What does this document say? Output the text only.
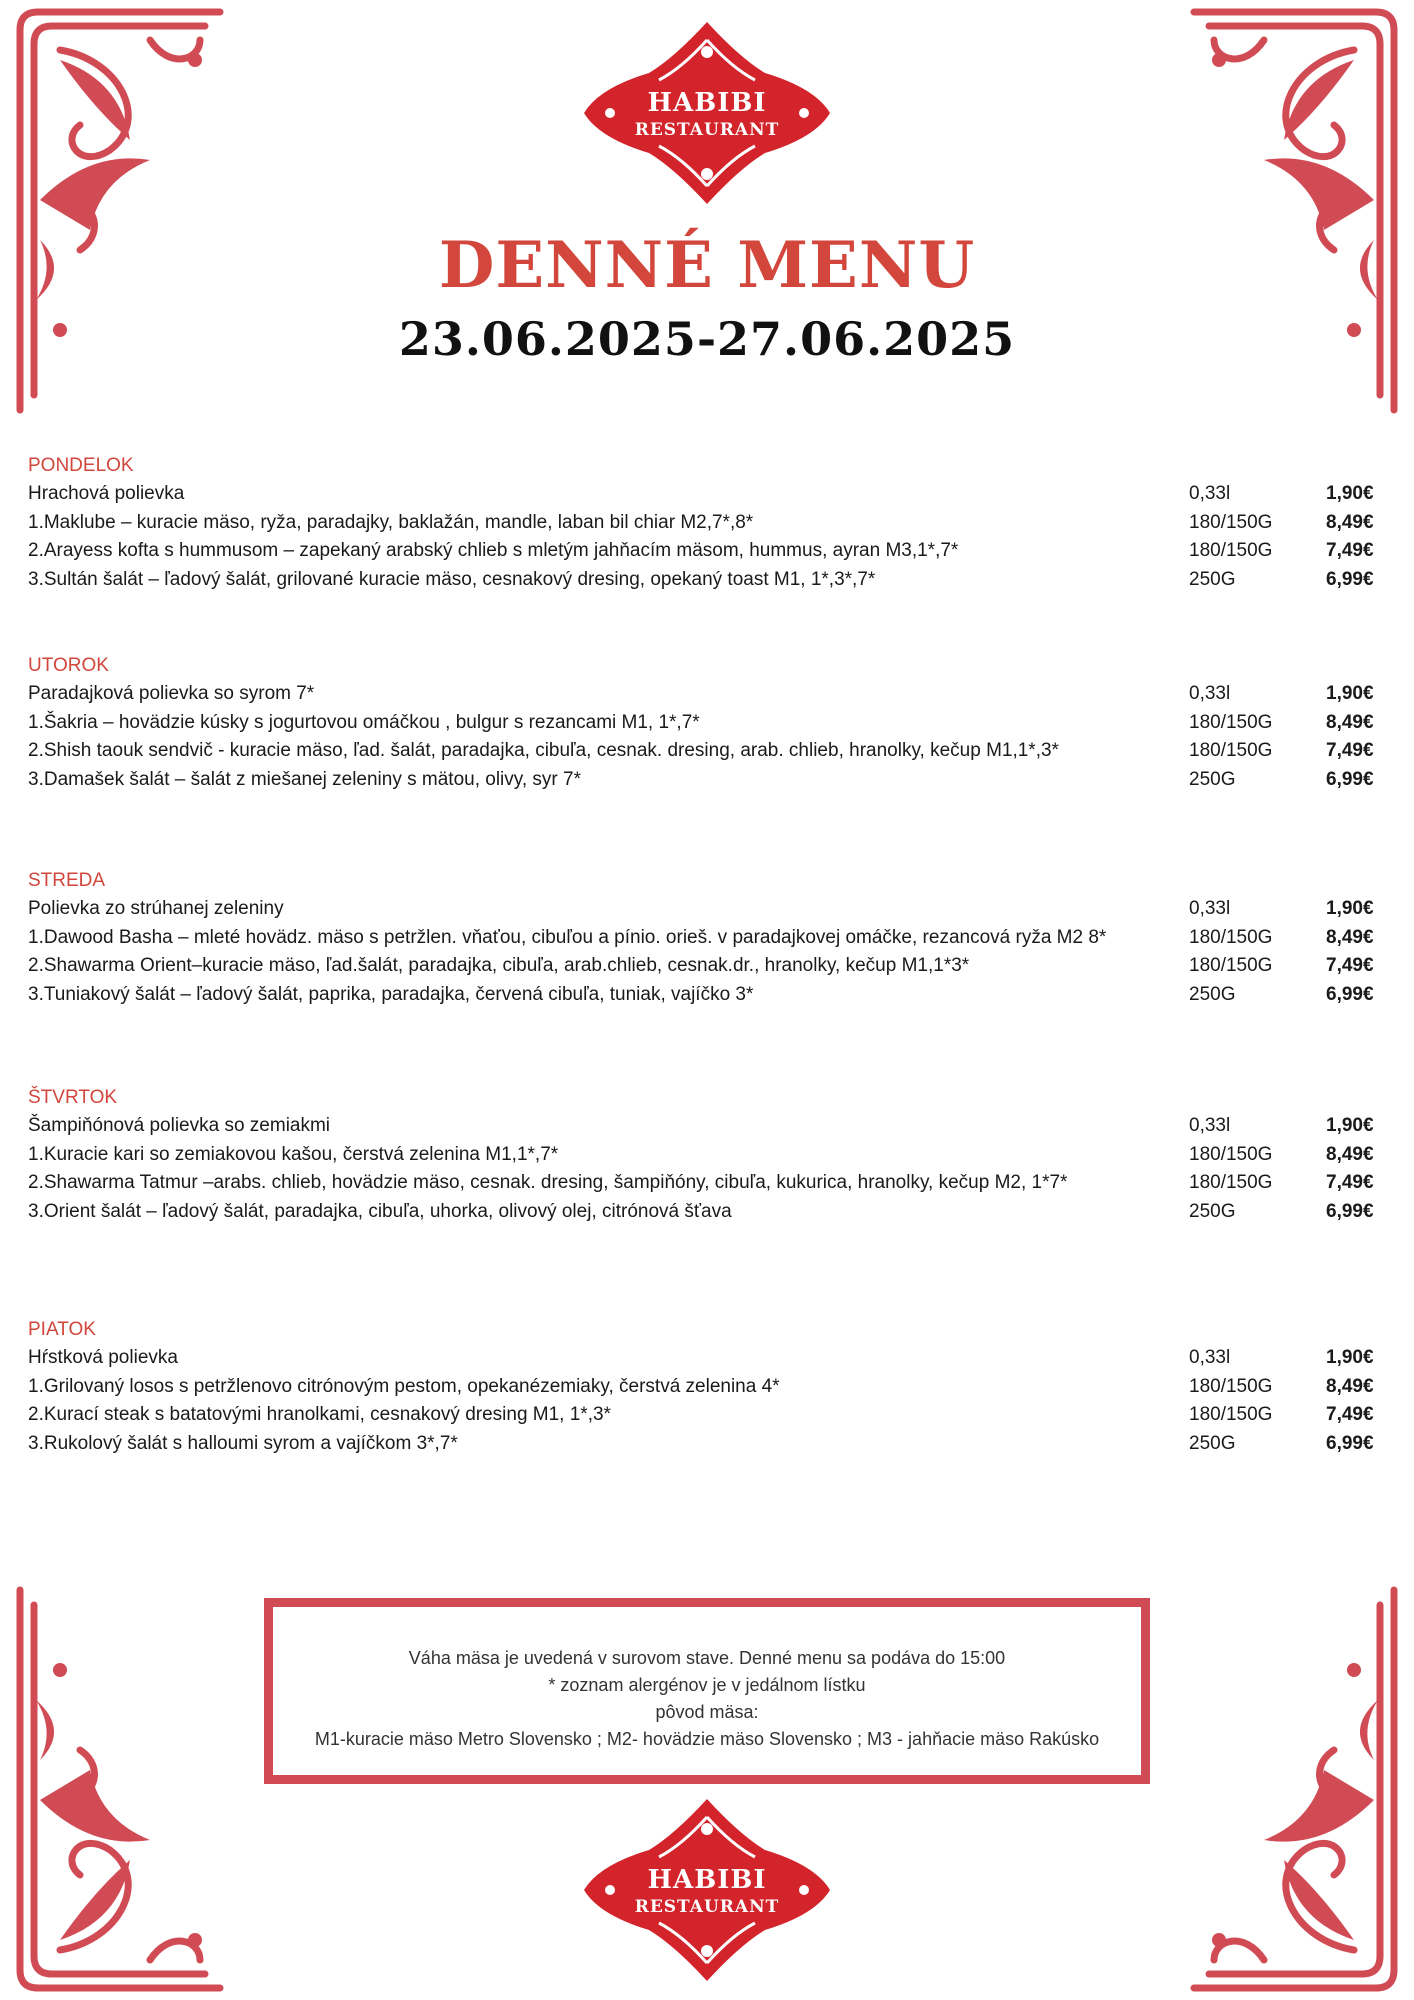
HABIBI
RESTAURANT
DENNÉ MENU
23.06.2025-27.06.2025
PONDELOK
Hrachová polievka	0,33l	1,90€
1.Maklube – kuracie mäso, ryža, paradajky, baklažán, mandle, laban bil chiar M2,7*,8*	180/150G	8,49€
2.Arayess kofta s hummusom – zapekaný arabský chlieb s mletým jahňacím mäsom, hummus, ayran M3,1*,7*	180/150G	7,49€
3.Sultán šalát – ľadový šalát, grilované kuracie mäso, cesnakový dresing, opekaný toast M1, 1*,3*,7*	250G	6,99€
UTOROK
Paradajková polievka so syrom 7*	0,33l	1,90€
1.Šakria – hovädzie kúsky s jogurtovou omáčkou , bulgur s rezancami M1, 1*,7*	180/150G	8,49€
2.Shish taouk sendvič - kuracie mäso, ľad. šalát, paradajka, cibuľa, cesnak. dresing, arab. chlieb, hranolky, kečup M1,1*,3*	180/150G	7,49€
3.Damašek šalát – šalát z miešanej zeleniny s mätou, olivy, syr 7*	250G	6,99€
STREDA
Polievka zo strúhanej zeleniny	0,33l	1,90€
1.Dawood Basha – mleté hovädz. mäso s petržlen. vňaťou, cibuľou a pínio. orieš. v paradajkovej omáčke, rezancová ryža M2 8*	180/150G	8,49€
2.Shawarma Orient–kuracie mäso, ľad.šalát, paradajka, cibuľa, arab.chlieb, cesnak.dr., hranolky, kečup M1,1*3*	180/150G	7,49€
3.Tuniakový šalát – ľadový šalát, paprika, paradajka, červená cibuľa, tuniak, vajíčko 3*	250G	6,99€
ŠTVRTOK
Šampiňónová polievka so zemiakmi	0,33l	1,90€
1.Kuracie kari so zemiakovou kašou, čerstvá zelenina M1,1*,7*	180/150G	8,49€
2.Shawarma Tatmur –arabs. chlieb, hovädzie mäso, cesnak. dresing, šampiňóny, cibuľa, kukurica, hranolky, kečup M2, 1*7*	180/150G	7,49€
3.Orient šalát – ľadový šalát, paradajka, cibuľa, uhorka, olivový olej, citrónová šťava	250G	6,99€
PIATOK
Hŕstková polievka	0,33l	1,90€
1.Grilovaný losos s petržlenovo citrónovým pestom, opekanézemiaky, čerstvá zelenina 4*	180/150G	8,49€
2.Kurací steak s batatovými hranolkami, cesnakový dresing M1, 1*,3*	180/150G	7,49€
3.Rukolový šalát s halloumi syrom a vajíčkom 3*,7*	250G	6,99€
Váha mäsa je uvedená v surovom stave. Denné menu sa podáva do 15:00
* zoznam alergénov je v jedálnom lístku
pôvod mäsa:
M1-kuracie mäso Metro Slovensko ; M2- hovädzie mäso Slovensko ; M3 - jahňacie mäso Rakúsko
HABIBI
RESTAURANT
